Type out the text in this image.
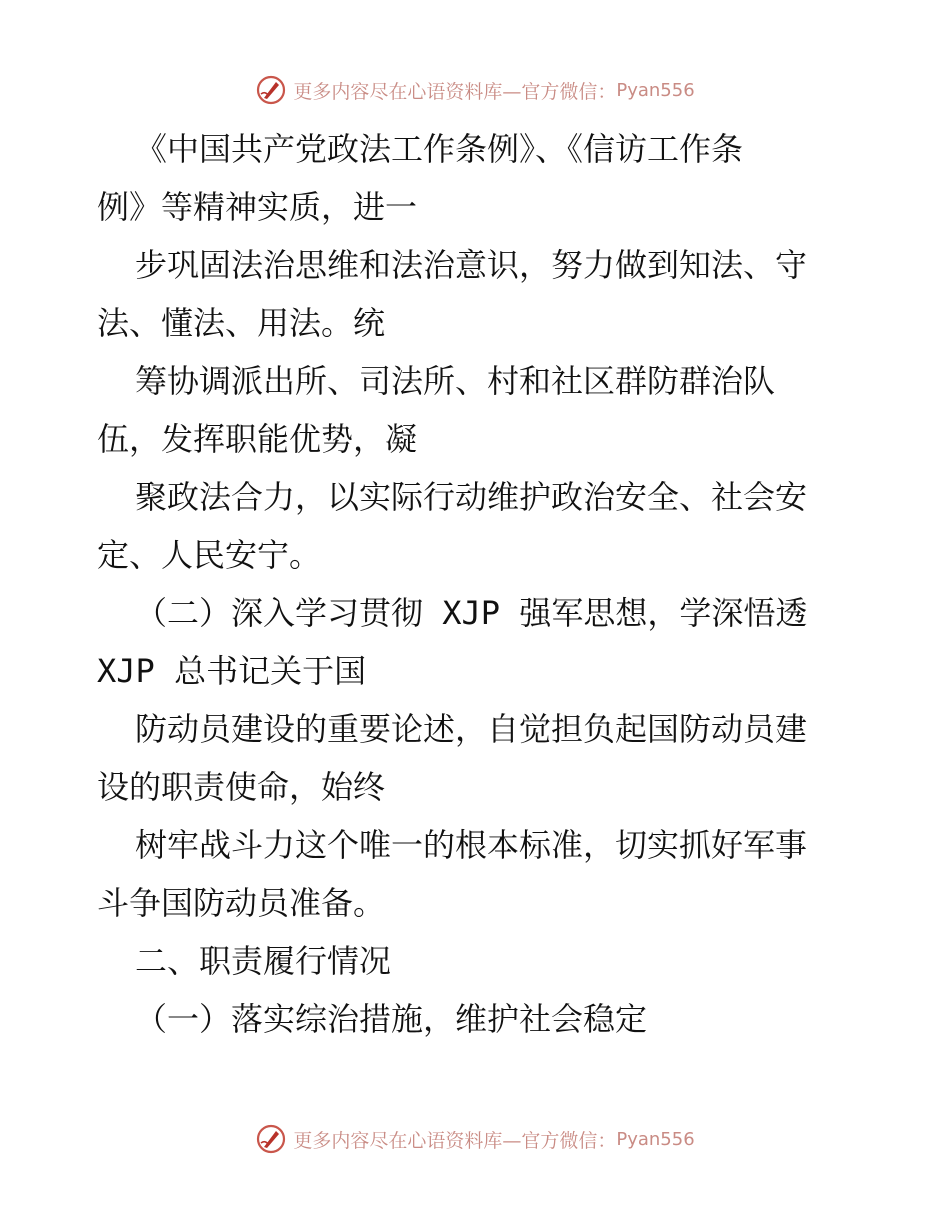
更多内容尽在心语资料库—官方微信： Pyan556
《中国共产党政法工作条例》、《信访工作条
例》等精神实质，进一
步巩固法治思维和法治意识，努力做到知法、守
法、懂法、用法。统
筹协调派出所、司法所、村和社区群防群治队
伍，发挥职能优势，凝
聚政法合力，以实际行动维护政治安全、社会安
定、人民安宁。
（二）深入学习贯彻 XJP 强军思想，学深悟透
XJP 总书记关于国
防动员建设的重要论述，自觉担负起国防动员建
设的职责使命，始终
树牢战斗力这个唯一的根本标准，切实抓好军事
斗争国防动员准备。
二、职责履行情况
（一）落实综治措施，维护社会稳定
更多内容尽在心语资料库—官方微信： Pyan556
